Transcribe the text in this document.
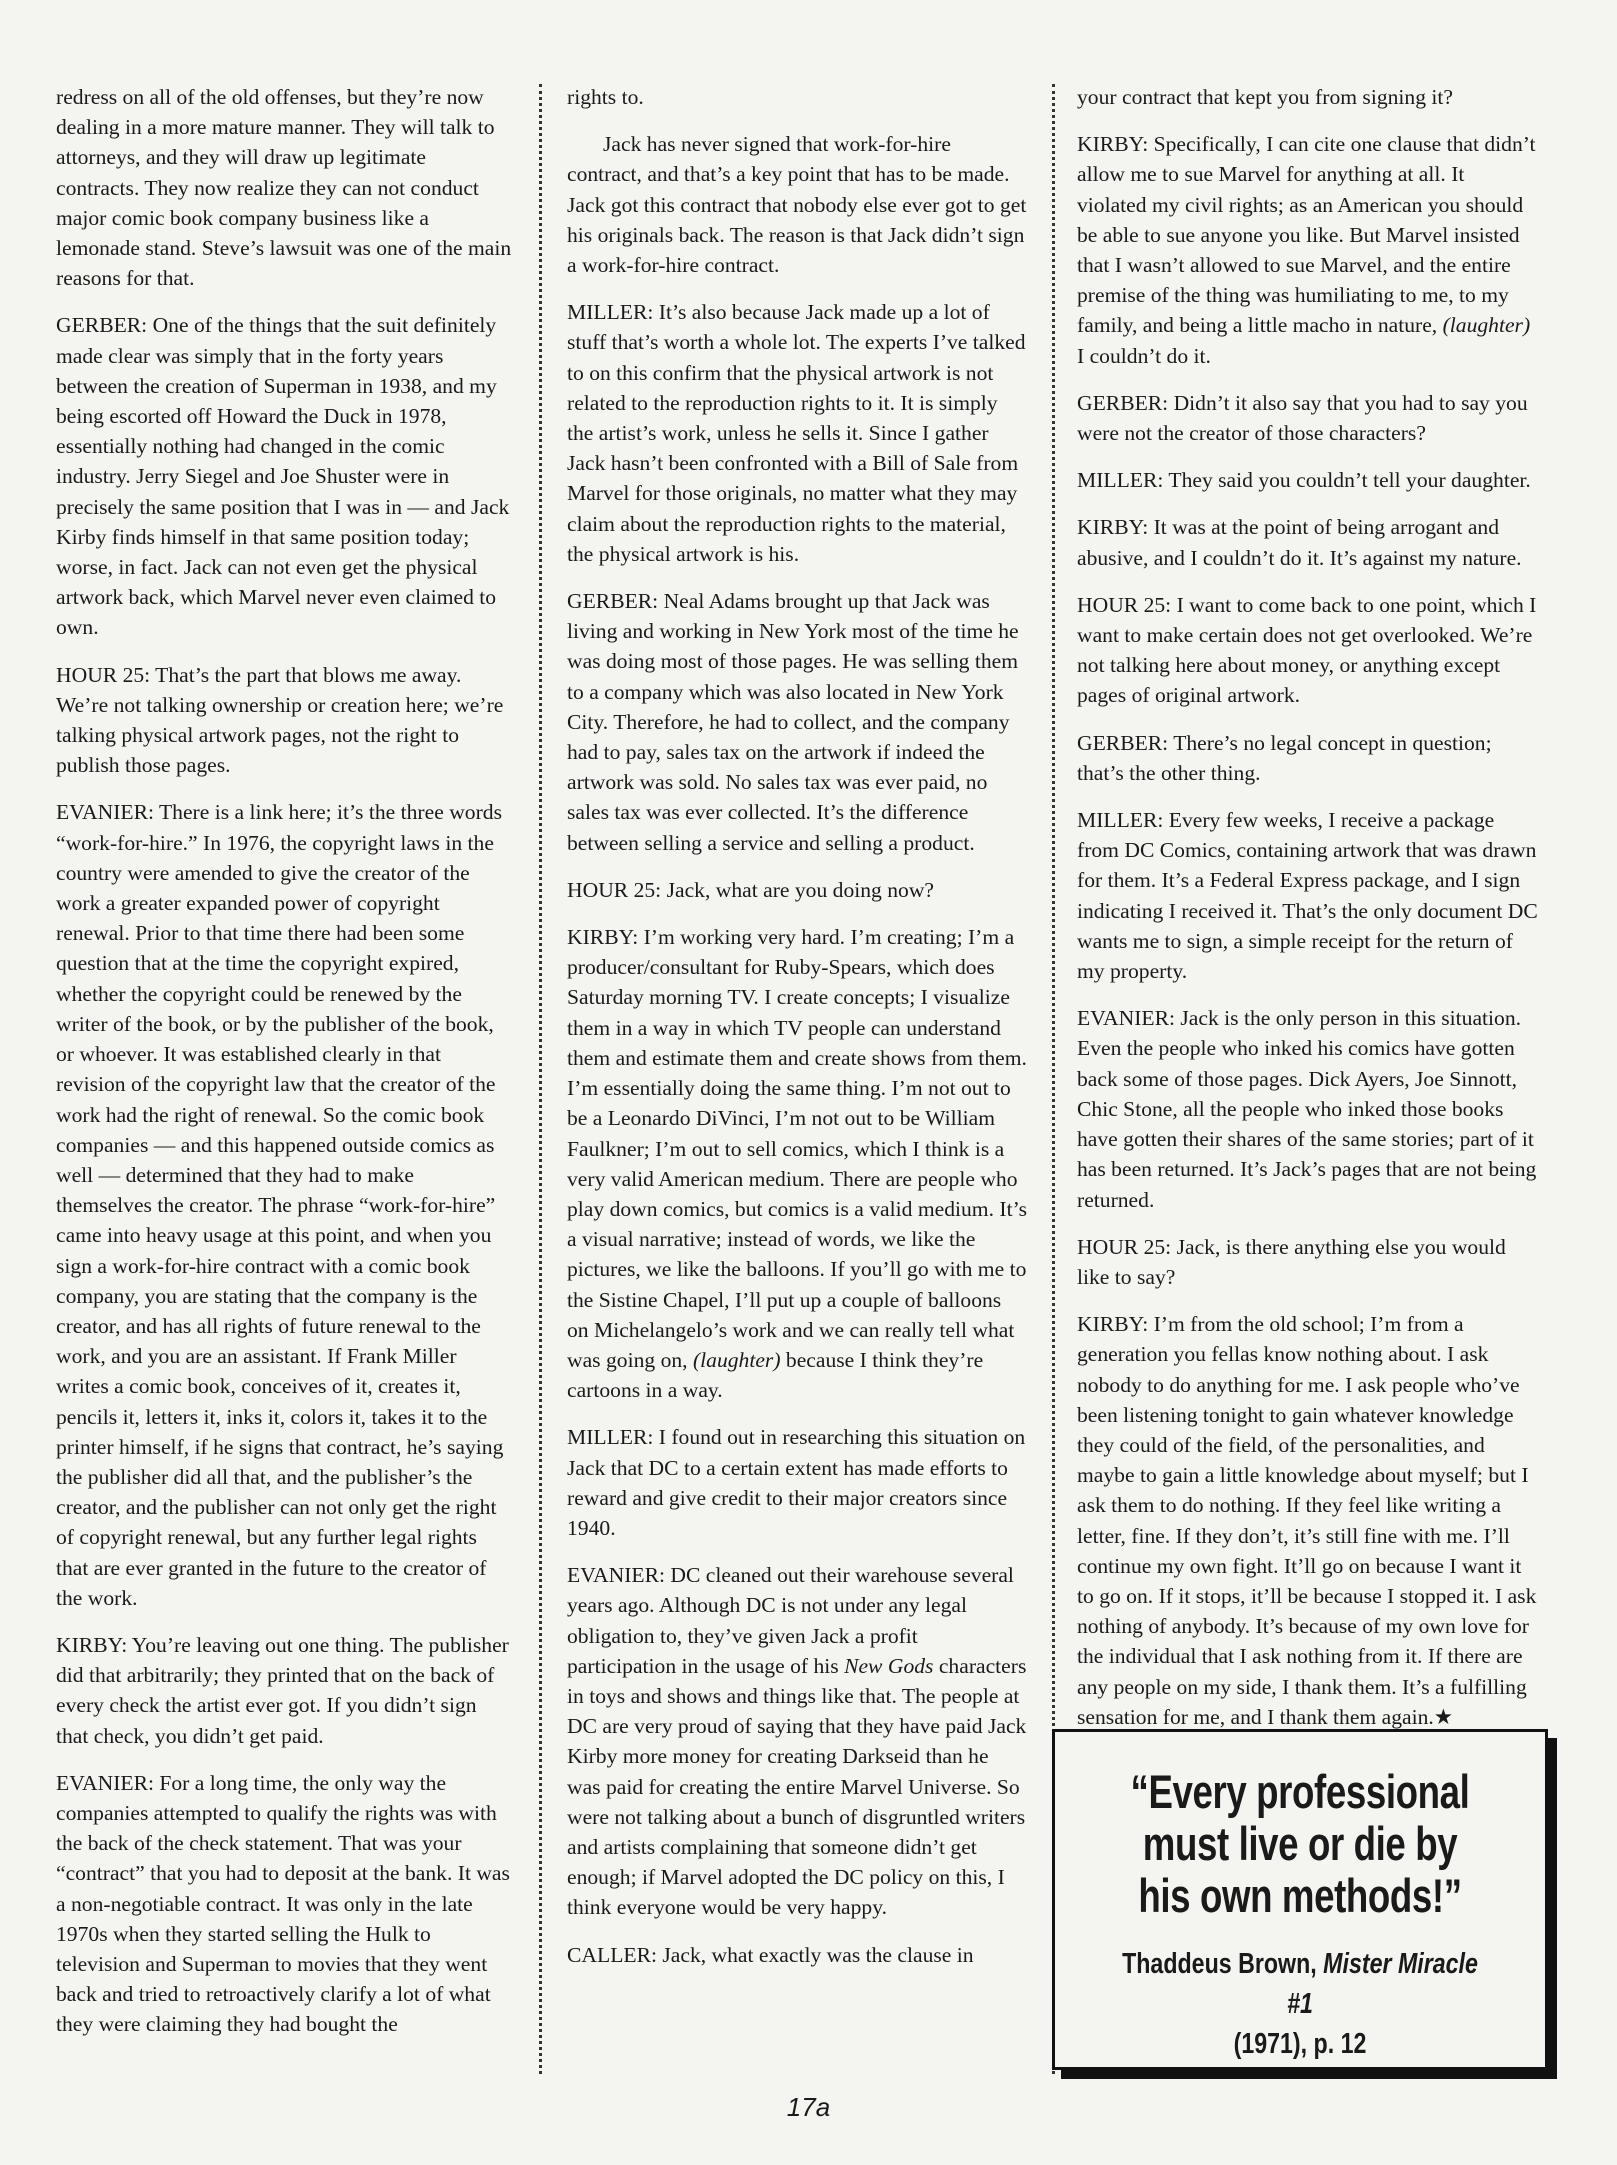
redress on all of the old offenses, but they’re now dealing in a more mature manner. They will talk to attorneys, and they will draw up legitimate contracts. They now realize they can not conduct major comic book company business like a lemonade stand. Steve’s lawsuit was one of the main reasons for that.

GERBER: One of the things that the suit definitely made clear was simply that in the forty years between the creation of Superman in 1938, and my being escorted off Howard the Duck in 1978, essentially nothing had changed in the comic industry. Jerry Siegel and Joe Shuster were in precisely the same position that I was in — and Jack Kirby finds himself in that same position today; worse, in fact. Jack can not even get the physical artwork back, which Marvel never even claimed to own.

HOUR 25: That’s the part that blows me away. We’re not talking ownership or creation here; we’re talking physical artwork pages, not the right to publish those pages.

EVANIER: There is a link here; it’s the three words “work-for-hire.” In 1976, the copyright laws in the country were amended to give the creator of the work a greater expanded power of copyright renewal. Prior to that time there had been some question that at the time the copyright expired, whether the copyright could be renewed by the writer of the book, or by the publisher of the book, or whoever. It was established clearly in that revision of the copyright law that the creator of the work had the right of renewal. So the comic book companies — and this happened outside comics as well — determined that they had to make themselves the creator. The phrase “work-for-hire” came into heavy usage at this point, and when you sign a work-for-hire contract with a comic book company, you are stating that the company is the creator, and has all rights of future renewal to the work, and you are an assistant. If Frank Miller writes a comic book, conceives of it, creates it, pencils it, letters it, inks it, colors it, takes it to the printer himself, if he signs that contract, he’s saying the publisher did all that, and the publisher’s the creator, and the publisher can not only get the right of copyright renewal, but any further legal rights that are ever granted in the future to the creator of the work.

KIRBY: You’re leaving out one thing. The publisher did that arbitrarily; they printed that on the back of every check the artist ever got. If you didn’t sign that check, you didn’t get paid.

EVANIER: For a long time, the only way the companies attempted to qualify the rights was with the back of the check statement. That was your “contract” that you had to deposit at the bank. It was a non-negotiable contract. It was only in the late 1970s when they started selling the Hulk to television and Superman to movies that they went back and tried to retroactively clarify a lot of what they were claiming they had bought the

rights to.

Jack has never signed that work-for-hire contract, and that’s a key point that has to be made. Jack got this contract that nobody else ever got to get his originals back. The reason is that Jack didn’t sign a work-for-hire contract.

MILLER: It’s also because Jack made up a lot of stuff that’s worth a whole lot. The experts I’ve talked to on this confirm that the physical artwork is not related to the reproduction rights to it. It is simply the artist’s work, unless he sells it. Since I gather Jack hasn’t been confronted with a Bill of Sale from Marvel for those originals, no matter what they may claim about the reproduction rights to the material, the physical artwork is his.

GERBER: Neal Adams brought up that Jack was living and working in New York most of the time he was doing most of those pages. He was selling them to a company which was also located in New York City. Therefore, he had to collect, and the company had to pay, sales tax on the artwork if indeed the artwork was sold. No sales tax was ever paid, no sales tax was ever collected. It’s the difference between selling a service and selling a product.

HOUR 25: Jack, what are you doing now?

KIRBY: I’m working very hard. I’m creating; I’m a producer/consultant for Ruby-Spears, which does Saturday morning TV. I create concepts; I visualize them in a way in which TV people can understand them and estimate them and create shows from them. I’m essentially doing the same thing. I’m not out to be a Leonardo DiVinci, I’m not out to be William Faulkner; I’m out to sell comics, which I think is a very valid American medium. There are people who play down comics, but comics is a valid medium. It’s a visual narrative; instead of words, we like the pictures, we like the balloons. If you’ll go with me to the Sistine Chapel, I’ll put up a couple of balloons on Michelangelo’s work and we can really tell what was going on, (laughter) because I think they’re cartoons in a way.

MILLER: I found out in researching this situation on Jack that DC to a certain extent has made efforts to reward and give credit to their major creators since 1940.

EVANIER: DC cleaned out their warehouse several years ago. Although DC is not under any legal obligation to, they’ve given Jack a profit participation in the usage of his New Gods characters in toys and shows and things like that. The people at DC are very proud of saying that they have paid Jack Kirby more money for creating Darkseid than he was paid for creating the entire Marvel Universe. So were not talking about a bunch of disgruntled writers and artists complaining that someone didn’t get enough; if Marvel adopted the DC policy on this, I think everyone would be very happy.

CALLER: Jack, what exactly was the clause in

your contract that kept you from signing it?

KIRBY: Specifically, I can cite one clause that didn’t allow me to sue Marvel for anything at all. It violated my civil rights; as an American you should be able to sue anyone you like. But Marvel insisted that I wasn’t allowed to sue Marvel, and the entire premise of the thing was humiliating to me, to my family, and being a little macho in nature, (laughter) I couldn’t do it.

GERBER: Didn’t it also say that you had to say you were not the creator of those characters?

MILLER: They said you couldn’t tell your daughter.

KIRBY: It was at the point of being arrogant and abusive, and I couldn’t do it. It’s against my nature.

HOUR 25: I want to come back to one point, which I want to make certain does not get overlooked. We’re not talking here about money, or anything except pages of original artwork.

GERBER: There’s no legal concept in question; that’s the other thing.

MILLER: Every few weeks, I receive a package from DC Comics, containing artwork that was drawn for them. It’s a Federal Express package, and I sign indicating I received it. That’s the only document DC wants me to sign, a simple receipt for the return of my property.

EVANIER: Jack is the only person in this situation. Even the people who inked his comics have gotten back some of those pages. Dick Ayers, Joe Sinnott, Chic Stone, all the people who inked those books have gotten their shares of the same stories; part of it has been returned. It’s Jack’s pages that are not being returned.

HOUR 25: Jack, is there anything else you would like to say?

KIRBY: I’m from the old school; I’m from a generation you fellas know nothing about. I ask nobody to do anything for me. I ask people who’ve been listening tonight to gain whatever knowledge they could of the field, of the personalities, and maybe to gain a little knowledge about myself; but I ask them to do nothing. If they feel like writing a letter, fine. If they don’t, it’s still fine with me. I’ll continue my own fight. It’ll go on because I want it to go on. If it stops, it’ll be because I stopped it. I ask nothing of anybody. It’s because of my own love for the individual that I ask nothing from it. If there are any people on my side, I thank them. It’s a fulfilling sensation for me, and I thank them again.★

“Every professional must live or die by his own methods!”
Thaddeus Brown, Mister Miracle #1
(1971), p. 12
17a
